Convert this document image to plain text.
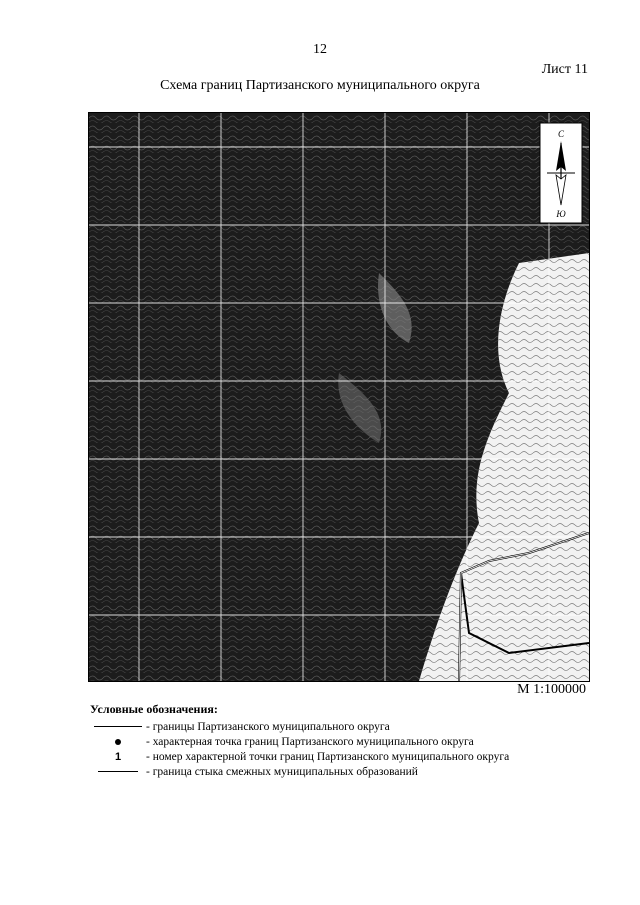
12
Лист 11
Схема границ Партизанского муниципального округа
С
Ю
М 1:100000
Условные обозначения:
- границы Партизанского муниципального округа
- характерная точка границ Партизанского муниципального округа
1 - номер характерной точки границ Партизанского муниципального округа
- граница стыка смежных муниципальных образований
